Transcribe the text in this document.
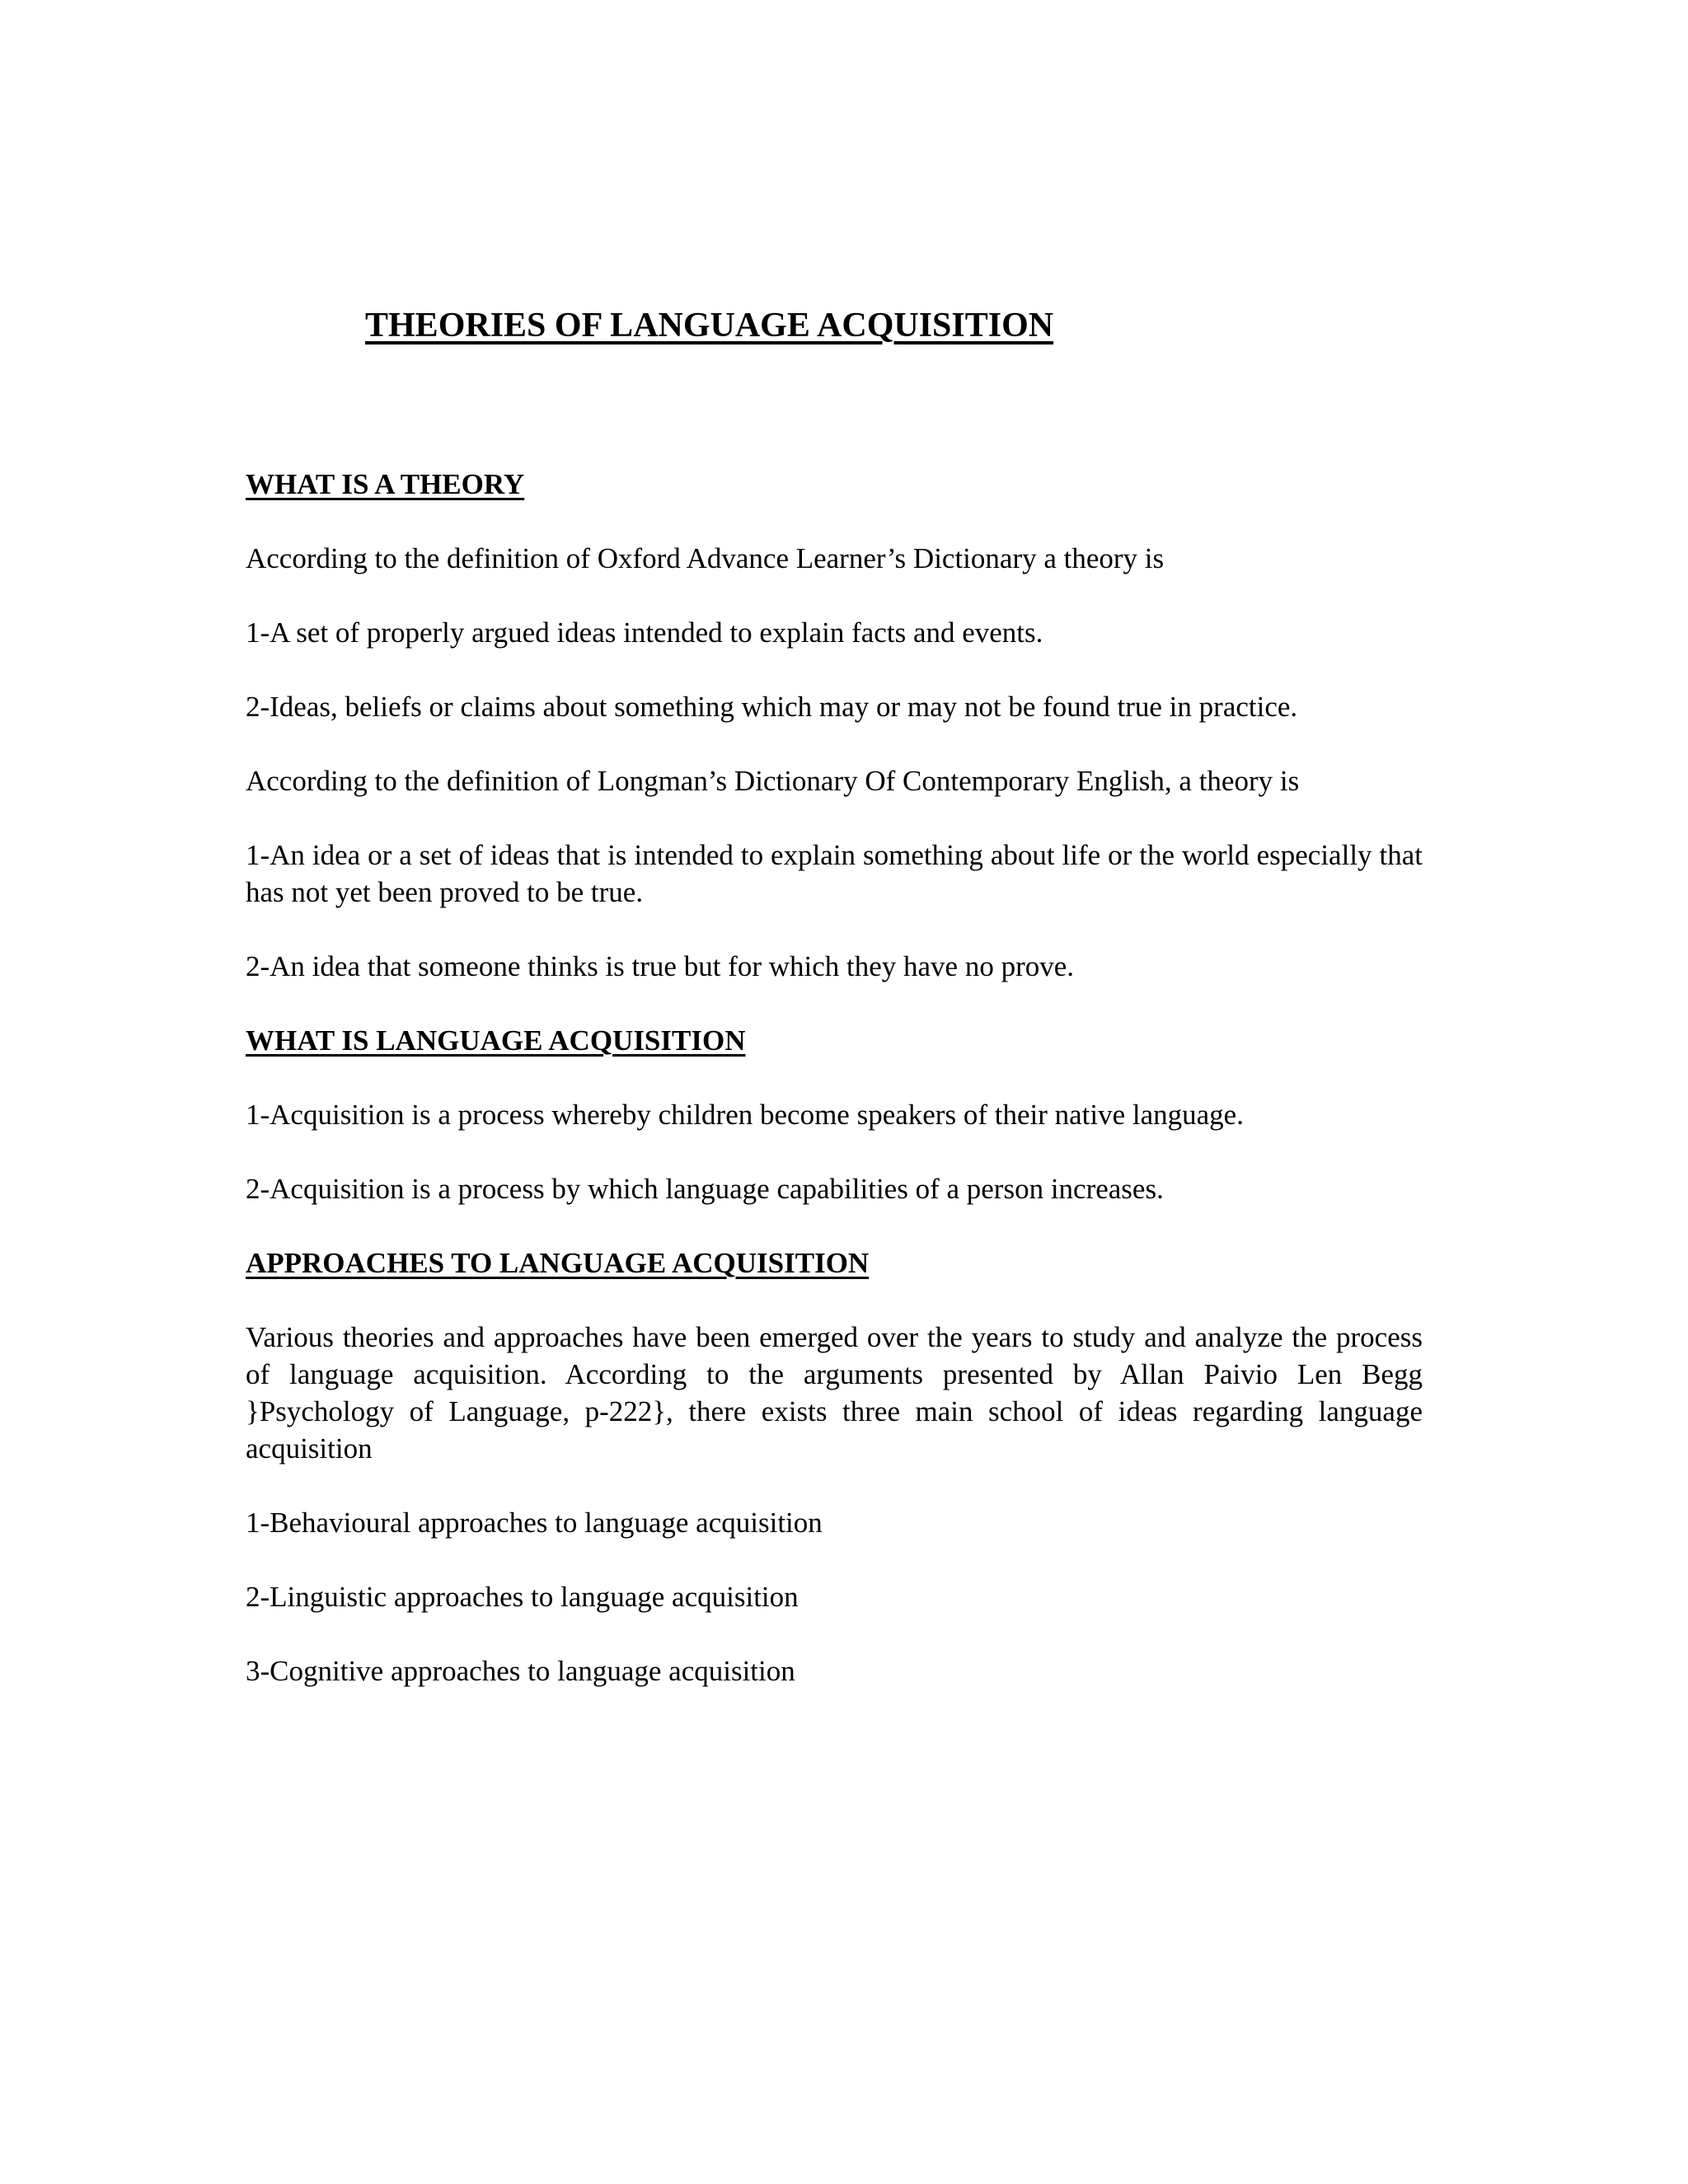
THEORIES OF LANGUAGE ACQUISITION
WHAT IS A THEORY

According to the definition of Oxford Advance Learner’s Dictionary a theory is

1-A set of properly argued ideas intended to explain facts and events.

2-Ideas, beliefs or claims about something which may or may not be found true in practice.

According to the definition of Longman’s Dictionary Of Contemporary English, a theory is

1-An idea or a set of ideas that is intended to explain something about life or the world especially that has not yet been proved to be true.

2-An idea that someone thinks is true but for which they have no prove.

WHAT IS LANGUAGE ACQUISITION

1-Acquisition is a process whereby children become speakers of their native language.

2-Acquisition is a process by which language capabilities of a person increases.

APPROACHES TO LANGUAGE ACQUISITION

Various theories and approaches have been emerged over the years to study and analyze the process of language acquisition. According to the arguments presented by Allan Paivio Len Begg }Psychology of Language, p-222}, there exists three main school of ideas regarding language acquisition

1-Behavioural approaches to language acquisition

2-Linguistic approaches to language acquisition

3-Cognitive approaches to language acquisition
